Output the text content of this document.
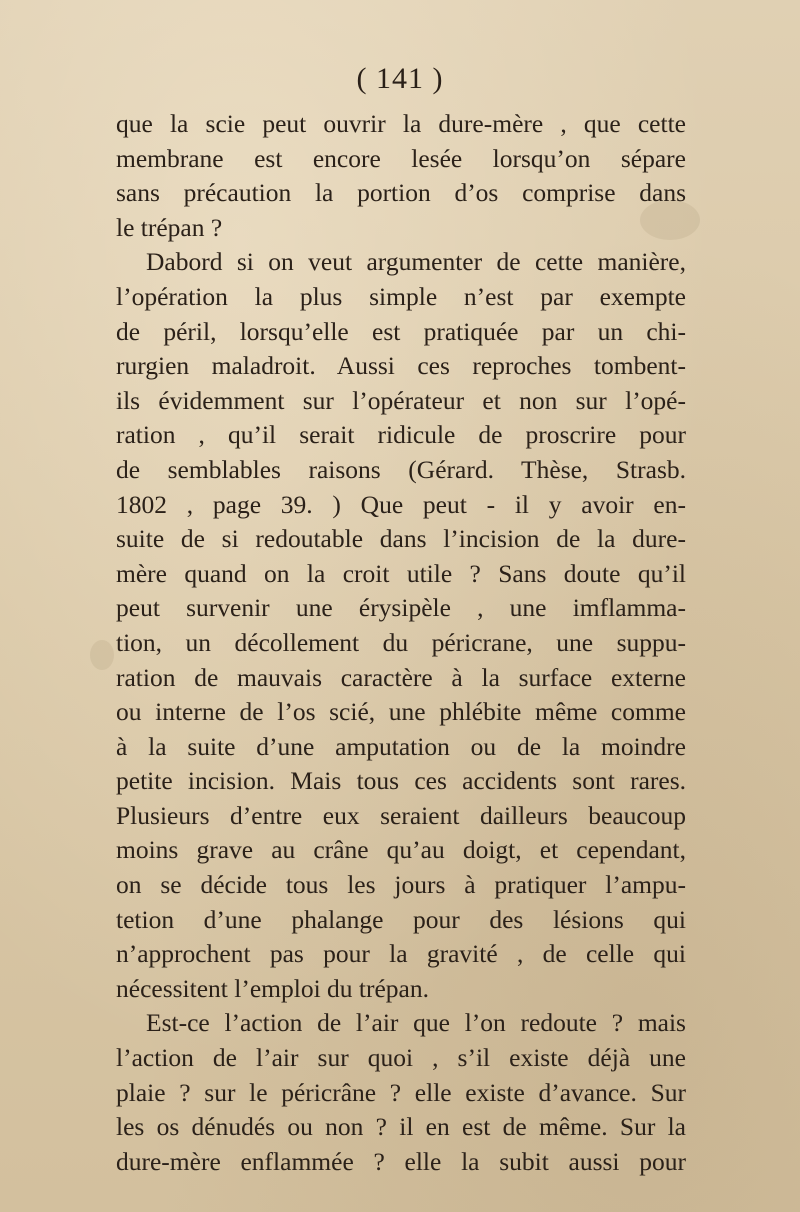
( 141 )
que la scie peut ouvrir la dure-mère , que cette
membrane est encore lesée lorsqu’on sépare
sans précaution la portion d’os comprise dans
le trépan ?
Dabord si on veut argumenter de cette manière,
l’opération la plus simple n’est par exempte
de péril, lorsqu’elle est pratiquée par un chi-
rurgien maladroit. Aussi ces reproches tombent-
ils évidemment sur l’opérateur et non sur l’opé-
ration , qu’il serait ridicule de proscrire pour
de semblables raisons (Gérard. Thèse, Strasb.
1802 , page 39. ) Que peut - il y avoir en-
suite de si redoutable dans l’incision de la dure-
mère quand on la croit utile ? Sans doute qu’il
peut survenir une érysipèle , une imflamma-
tion, un décollement du péricrane, une suppu-
ration de mauvais caractère à la surface externe
ou interne de l’os scié, une phlébite même comme
à la suite d’une amputation ou de la moindre
petite incision. Mais tous ces accidents sont rares.
Plusieurs d’entre eux seraient dailleurs beaucoup
moins grave au crâne qu’au doigt, et cependant,
on se décide tous les jours à pratiquer l’ampu-
tetion d’une phalange pour des lésions qui
n’approchent pas pour la gravité , de celle qui
nécessitent l’emploi du trépan.
Est-ce l’action de l’air que l’on redoute ? mais
l’action de l’air sur quoi , s’il existe déjà une
plaie ? sur le péricrâne ? elle existe d’avance. Sur
les os dénudés ou non ? il en est de même. Sur la
dure-mère enflammée ? elle la subit aussi pour
